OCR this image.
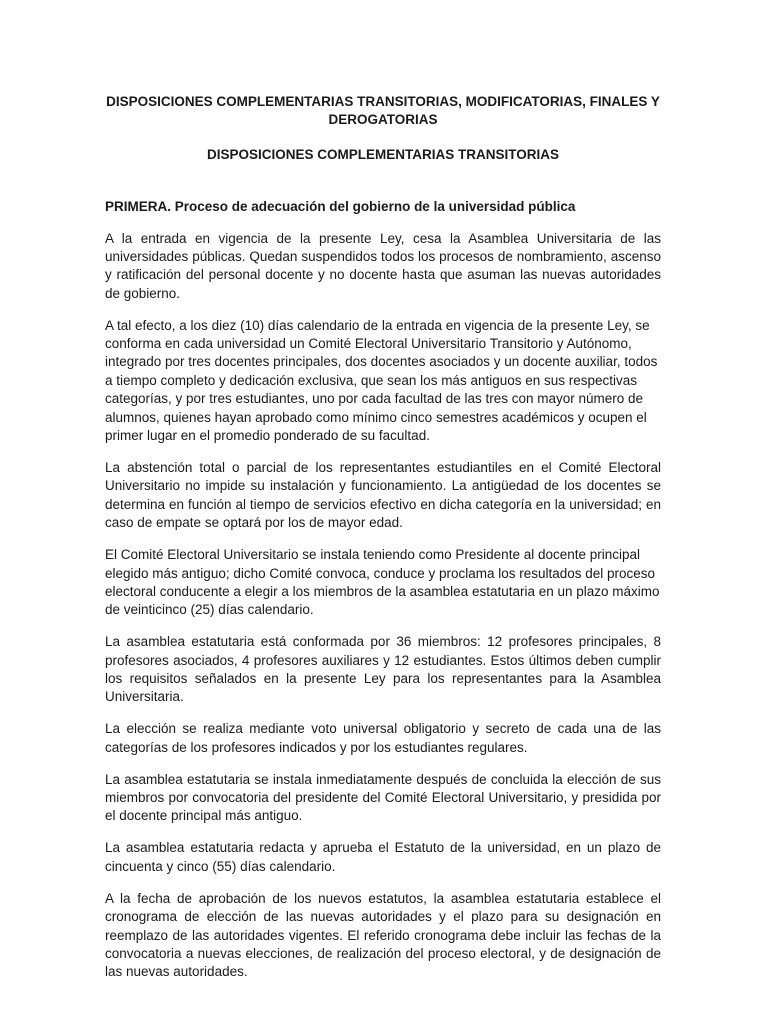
DISPOSICIONES COMPLEMENTARIAS TRANSITORIAS, MODIFICATORIAS, FINALES Y DEROGATORIAS
DISPOSICIONES COMPLEMENTARIAS TRANSITORIAS
PRIMERA. Proceso de adecuación del gobierno de la universidad pública

A la entrada en vigencia de la presente Ley, cesa la Asamblea Universitaria de las universidades públicas. Quedan suspendidos todos los procesos de nombramiento, ascenso y ratificación del personal docente y no docente hasta que asuman las nuevas autoridades de gobierno.

A tal efecto, a los diez (10) días calendario de la entrada en vigencia de la presente Ley, se conforma en cada universidad un Comité Electoral Universitario Transitorio y Autónomo, integrado por tres docentes principales, dos docentes asociados y un docente auxiliar, todos a tiempo completo y dedicación exclusiva, que sean los más antiguos en sus respectivas categorías, y por tres estudiantes, uno por cada facultad de las tres con mayor número de alumnos, quienes hayan aprobado como mínimo cinco semestres académicos y ocupen el primer lugar en el promedio ponderado de su facultad.

La abstención total o parcial de los representantes estudiantiles en el Comité Electoral Universitario no impide su instalación y funcionamiento. La antigüedad de los docentes se determina en función al tiempo de servicios efectivo en dicha categoría en la universidad; en caso de empate se optará por los de mayor edad.

El Comité Electoral Universitario se instala teniendo como Presidente al docente principal elegido más antiguo; dicho Comité convoca, conduce y proclama los resultados del proceso electoral conducente a elegir a los miembros de la asamblea estatutaria en un plazo máximo de veinticinco (25) días calendario.

La asamblea estatutaria está conformada por 36 miembros: 12 profesores principales, 8 profesores asociados, 4 profesores auxiliares y 12 estudiantes. Estos últimos deben cumplir los requisitos señalados en la presente Ley para los representantes para la Asamblea Universitaria.

La elección se realiza mediante voto universal obligatorio y secreto de cada una de las categorías de los profesores indicados y por los estudiantes regulares.

La asamblea estatutaria se instala inmediatamente después de concluida la elección de sus miembros por convocatoria del presidente del Comité Electoral Universitario, y presidida por el docente principal más antiguo.

La asamblea estatutaria redacta y aprueba el Estatuto de la universidad, en un plazo de cincuenta y cinco (55) días calendario.

A la fecha de aprobación de los nuevos estatutos, la asamblea estatutaria establece el cronograma de elección de las nuevas autoridades y el plazo para su designación en reemplazo de las autoridades vigentes. El referido cronograma debe incluir las fechas de la convocatoria a nuevas elecciones, de realización del proceso electoral, y de designación de las nuevas autoridades.
